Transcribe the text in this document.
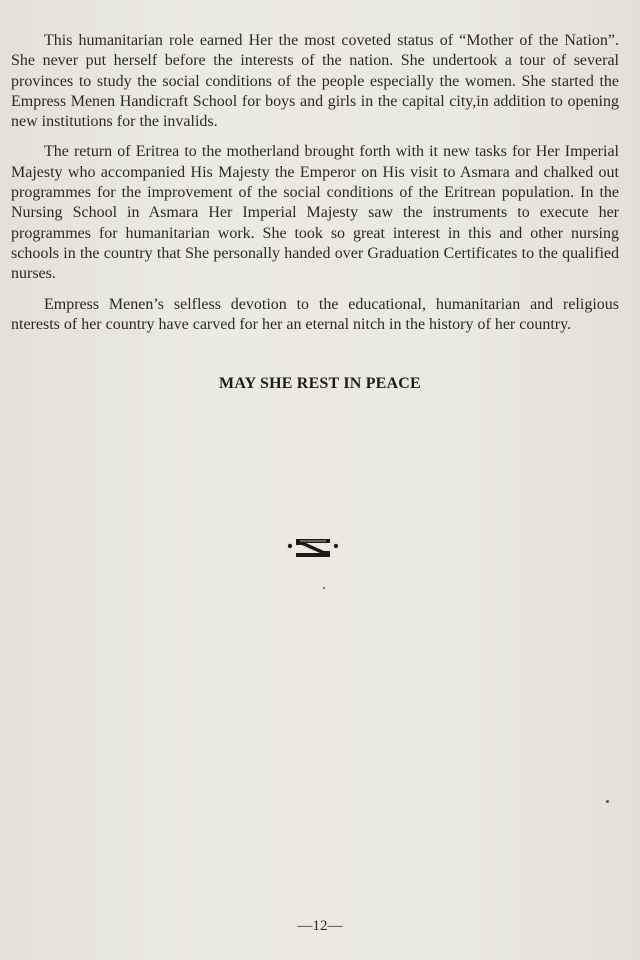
This humanitarian role earned Her the most coveted status of “Mother of the Nation”. She never put herself before the interests of the nation. She undertook a tour of several provinces to study the social conditions of the people especially the women. She started the Empress Menen Handicraft School for boys and girls in the capital city,in addition to opening new institutions for the invalids.

The return of Eritrea to the motherland brought forth with it new tasks for Her Imperial Majesty who accompanied His Majesty the Emperor on His visit to Asmara and chalked out programmes for the improvement of the social conditions of the Eritrean population. In the Nursing School in Asmara Her Imperial Majesty saw the instruments to execute her programmes for humanitarian work. She took so great interest in this and other nursing schools in the country that She personally handed over Graduation Certificates to the qualified nurses.

Empress Menen’s selfless devotion to the educational, humanitarian and religious nterests of her country have carved for her an eternal nitch in the history of her country.

MAY SHE REST IN PEACE

—12—
